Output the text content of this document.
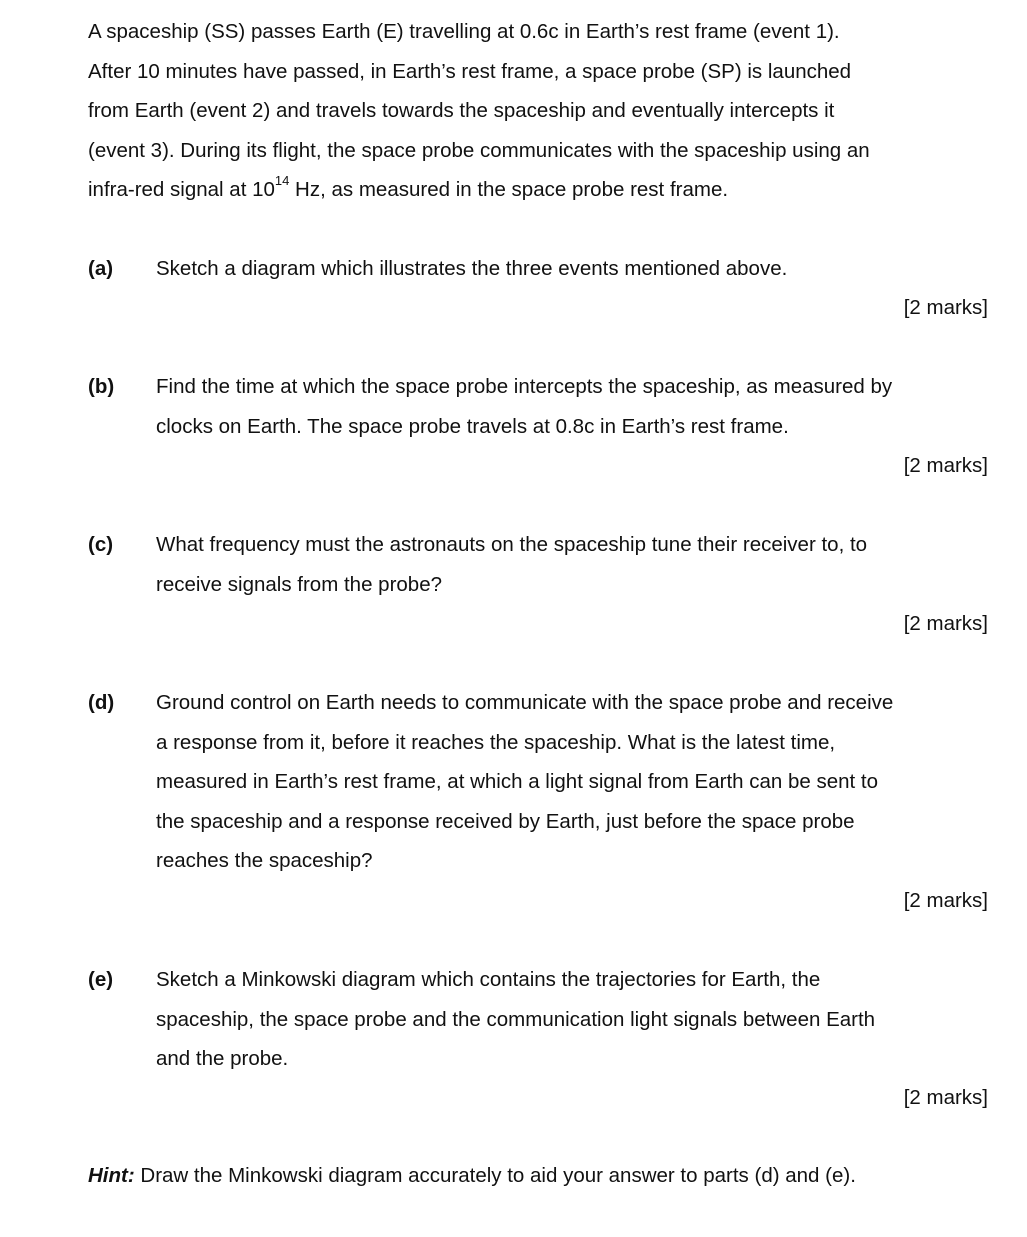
A spaceship (SS) passes Earth (E) travelling at 0.6c in Earth’s rest frame (event 1).
After 10 minutes have passed, in Earth’s rest frame, a space probe (SP) is launched
from Earth (event 2) and travels towards the spaceship and eventually intercepts it
(event 3). During its flight, the space probe communicates with the spaceship using an
infra-red signal at $10^{14}$ Hz, as measured in the space probe rest frame.

(a) Sketch a diagram which illustrates the three events mentioned above.
[2 marks]
(b) Find the time at which the space probe intercepts the spaceship, as measured by
clocks on Earth. The space probe travels at 0.8c in Earth’s rest frame.
[2 marks]
(c) What frequency must the astronauts on the spaceship tune their receiver to, to
receive signals from the probe?
[2 marks]
(d) Ground control on Earth needs to communicate with the space probe and receive
a response from it, before it reaches the spaceship. What is the latest time,
measured in Earth’s rest frame, at which a light signal from Earth can be sent to
the spaceship and a response received by Earth, just before the space probe
reaches the spaceship?
[2 marks]
(e) Sketch a Minkowski diagram which contains the trajectories for Earth, the
spaceship, the space probe and the communication light signals between Earth
and the probe.
[2 marks]
Hint: Draw the Minkowski diagram accurately to aid your answer to parts (d) and (e).
